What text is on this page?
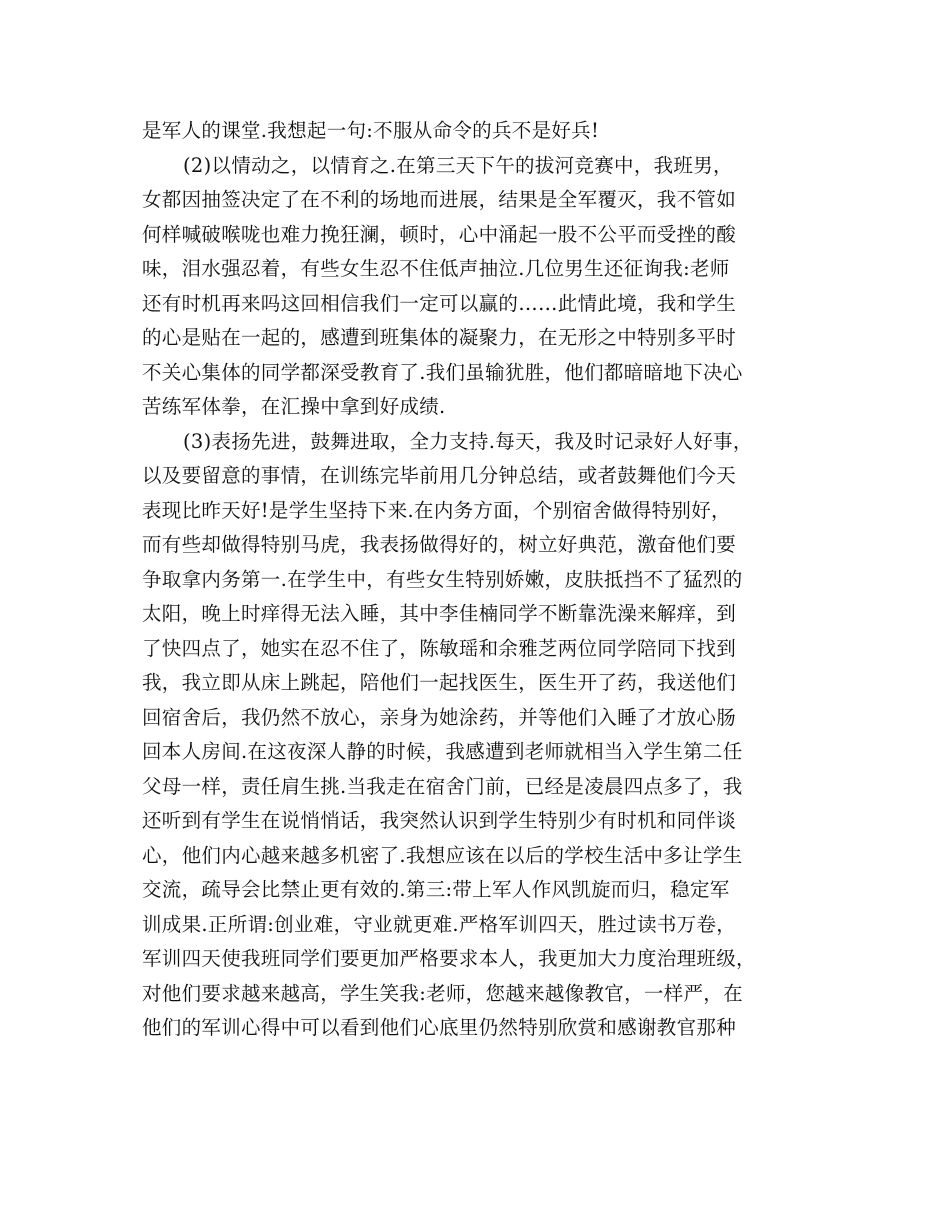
是军人的课堂.我想起一句:不服从命令的兵不是好兵!
(2)以情动之，以情育之.在第三天下午的拔河竞赛中，我班男，
女都因抽签决定了在不利的场地而进展，结果是全军覆灭，我不管如
何样喊破喉咙也难力挽狂澜，顿时，心中涌起一股不公平而受挫的酸
味，泪水强忍着，有些女生忍不住低声抽泣.几位男生还征询我:老师
还有时机再来吗这回相信我们一定可以赢的……此情此境，我和学生
的心是贴在一起的，感遭到班集体的凝聚力，在无形之中特别多平时
不关心集体的同学都深受教育了.我们虽输犹胜，他们都暗暗地下决心
苦练军体拳，在汇操中拿到好成绩.
(3)表扬先进，鼓舞进取，全力支持.每天，我及时记录好人好事，
以及要留意的事情，在训练完毕前用几分钟总结，或者鼓舞他们今天
表现比昨天好!是学生坚持下来.在内务方面，个别宿舍做得特别好，
而有些却做得特别马虎，我表扬做得好的，树立好典范，激奋他们要
争取拿内务第一.在学生中，有些女生特别娇嫩，皮肤抵挡不了猛烈的
太阳，晚上时痒得无法入睡，其中李佳楠同学不断靠洗澡来解痒，到
了快四点了，她实在忍不住了，陈敏瑶和余雅芝两位同学陪同下找到
我，我立即从床上跳起，陪他们一起找医生，医生开了药，我送他们
回宿舍后，我仍然不放心，亲身为她涂药，并等他们入睡了才放心肠
回本人房间.在这夜深人静的时候，我感遭到老师就相当入学生第二任
父母一样，责任肩生挑.当我走在宿舍门前，已经是凌晨四点多了，我
还听到有学生在说悄悄话，我突然认识到学生特别少有时机和同伴谈
心，他们内心越来越多机密了.我想应该在以后的学校生活中多让学生
交流，疏导会比禁止更有效的.第三:带上军人作风凯旋而归，稳定军
训成果.正所谓:创业难，守业就更难.严格军训四天，胜过读书万卷，
军训四天使我班同学们要更加严格要求本人，我更加大力度治理班级，
对他们要求越来越高，学生笑我:老师，您越来越像教官，一样严，在
他们的军训心得中可以看到他们心底里仍然特别欣赏和感谢教官那种
